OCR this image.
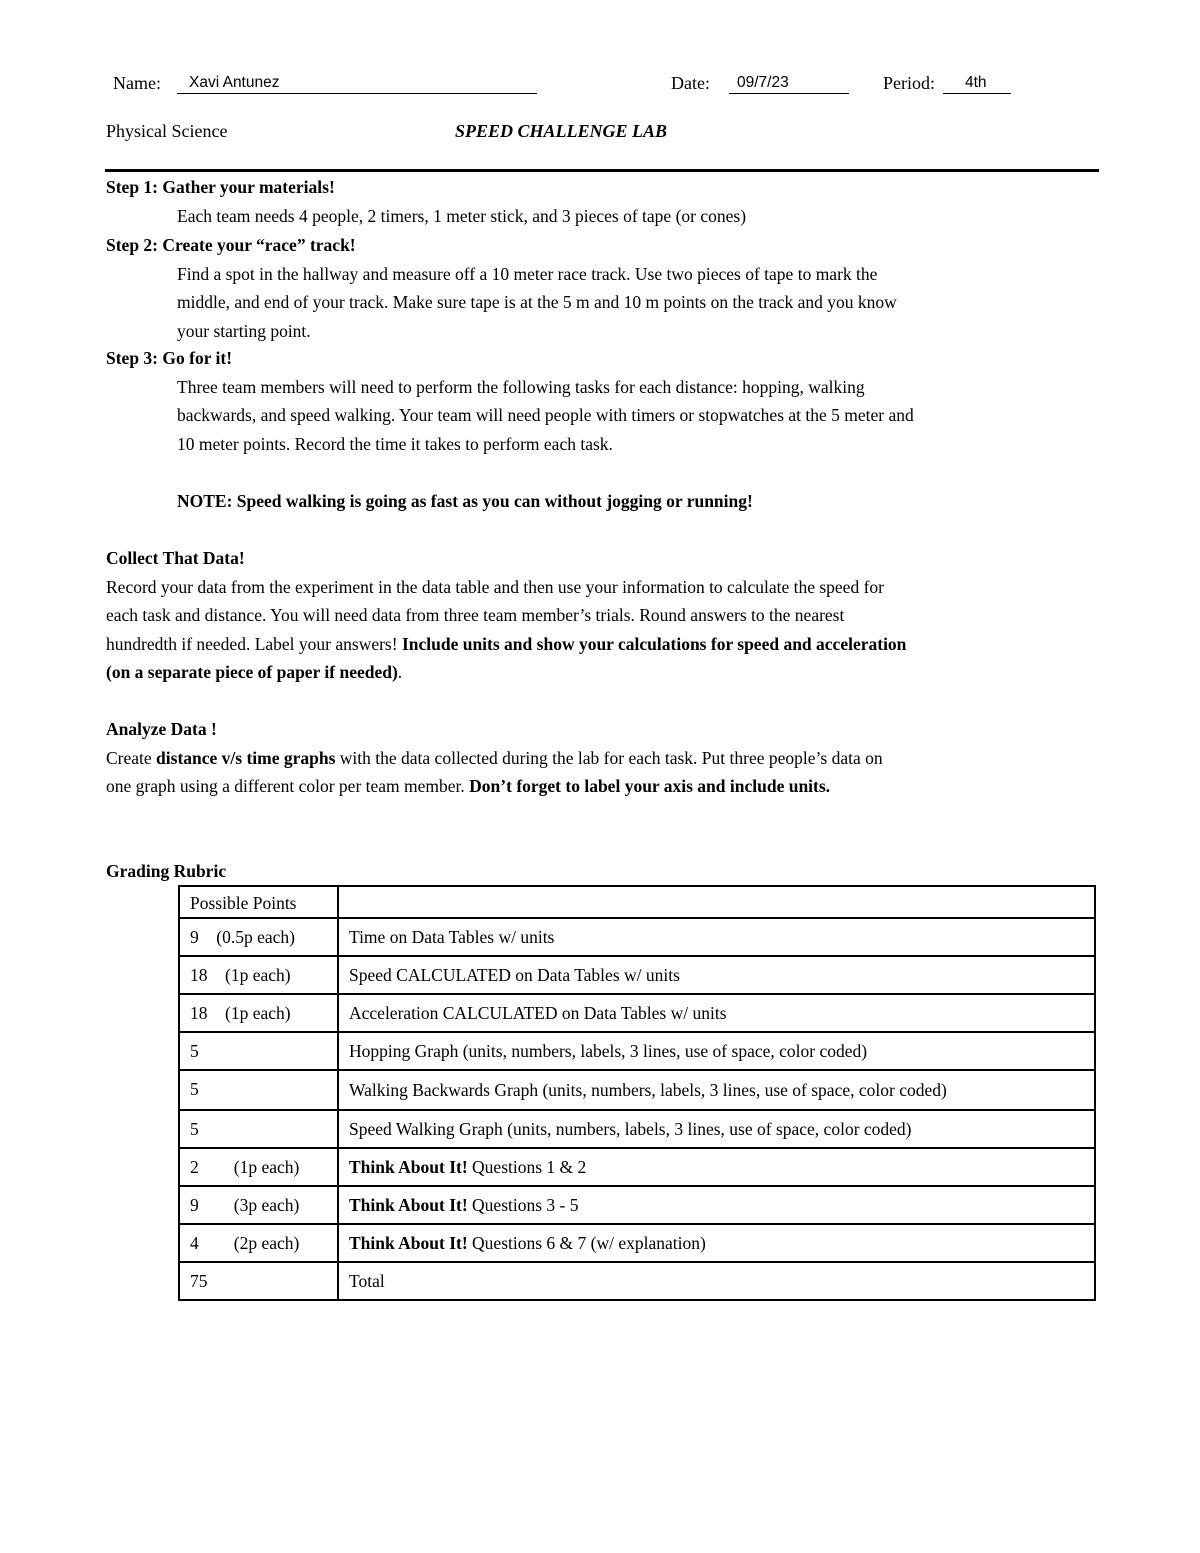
Name: Xavi Antunez	Date: 09/7/23	Period: 4th
Physical Science	SPEED CHALLENGE LAB
Step 1: Gather your materials!
Each team needs 4 people, 2 timers, 1 meter stick, and 3 pieces of tape (or cones)
Step 2: Create your “race” track!
Find a spot in the hallway and measure off a 10 meter race track. Use two pieces of tape to mark the
middle, and end of your track. Make sure tape is at the 5 m and 10 m points on the track and you know
your starting point.
Step 3: Go for it!
Three team members will need to perform the following tasks for each distance: hopping, walking
backwards, and speed walking. Your team will need people with timers or stopwatches at the 5 meter and
10 meter points. Record the time it takes to perform each task.
NOTE: Speed walking is going as fast as you can without jogging or running!
Collect That Data!
Record your data from the experiment in the data table and then use your information to calculate the speed for
each task and distance. You will need data from three team member’s trials. Round answers to the nearest
hundredth if needed. Label your answers! Include units and show your calculations for speed and acceleration
(on a separate piece of paper if needed).
Analyze Data !
Create distance v/s time graphs with the data collected during the lab for each task. Put three people’s data on
one graph using a different color per team member. Don’t forget to label your axis and include units.
Grading Rubric
Possible Points	
9    (0.5p each)	Time on Data Tables w/ units
18    (1p each)	Speed CALCULATED on Data Tables w/ units
18    (1p each)	Acceleration CALCULATED on Data Tables w/ units
5	Hopping Graph (units, numbers, labels, 3 lines, use of space, color coded)
5	Walking Backwards Graph (units, numbers, labels, 3 lines, use of space, color coded)
5	Speed Walking Graph (units, numbers, labels, 3 lines, use of space, color coded)
2        (1p each)	Think About It! Questions 1 & 2
9        (3p each)	Think About It! Questions 3 - 5
4        (2p each)	Think About It! Questions 6 & 7 (w/ explanation)
75	Total
